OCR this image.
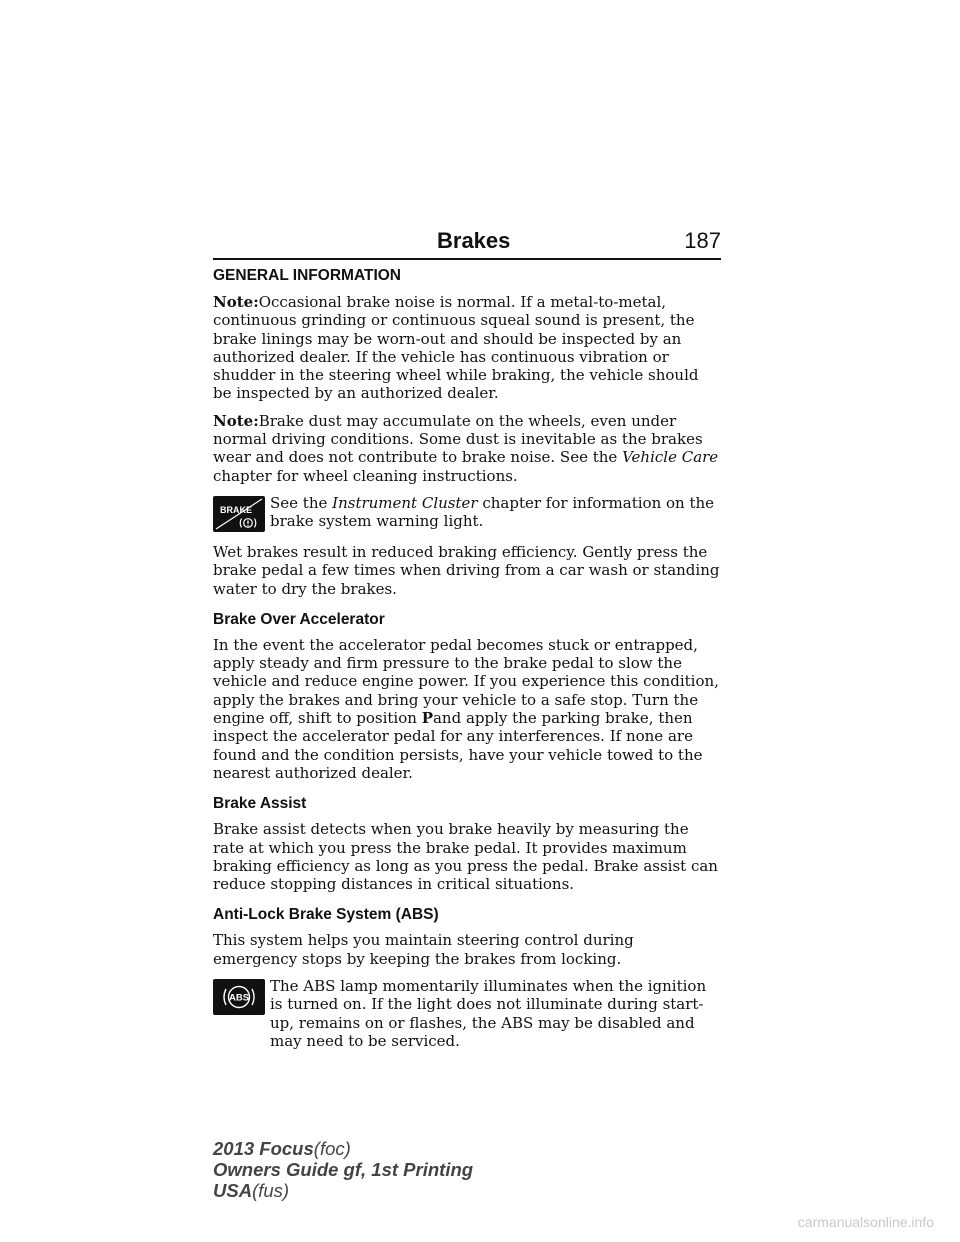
Brakes	187
GENERAL INFORMATION

Note:Occasional brake noise is normal. If a metal-to-metal, continuous grinding or continuous squeal sound is present, the brake linings may be worn-out and should be inspected by an authorized dealer. If the vehicle has continuous vibration or shudder in the steering wheel while braking, the vehicle should be inspected by an authorized dealer.

Note:Brake dust may accumulate on the wheels, even under normal driving conditions. Some dust is inevitable as the brakes wear and does not contribute to brake noise. See the Vehicle Care chapter for wheel cleaning instructions.

BRAKE See the Instrument Cluster chapter for information on the brake system warning light.

Wet brakes result in reduced braking efficiency. Gently press the brake pedal a few times when driving from a car wash or standing water to dry the brakes.

Brake Over Accelerator

In the event the accelerator pedal becomes stuck or entrapped, apply steady and firm pressure to the brake pedal to slow the vehicle and reduce engine power. If you experience this condition, apply the brakes and bring your vehicle to a safe stop. Turn the engine off, shift to position Pand apply the parking brake, then inspect the accelerator pedal for any interferences. If none are found and the condition persists, have your vehicle towed to the nearest authorized dealer.

Brake Assist

Brake assist detects when you brake heavily by measuring the rate at which you press the brake pedal. It provides maximum braking efficiency as long as you press the pedal. Brake assist can reduce stopping distances in critical situations.

Anti-Lock Brake System (ABS)

This system helps you maintain steering control during emergency stops by keeping the brakes from locking.

ABS
The ABS lamp momentarily illuminates when the ignition is turned on. If the light does not illuminate during start-up, remains on or flashes, the ABS may be disabled and may need to be serviced.

2013 Focus(foc)
Owners Guide gf, 1st Printing
USA(fus)
carmanualsonline.info
